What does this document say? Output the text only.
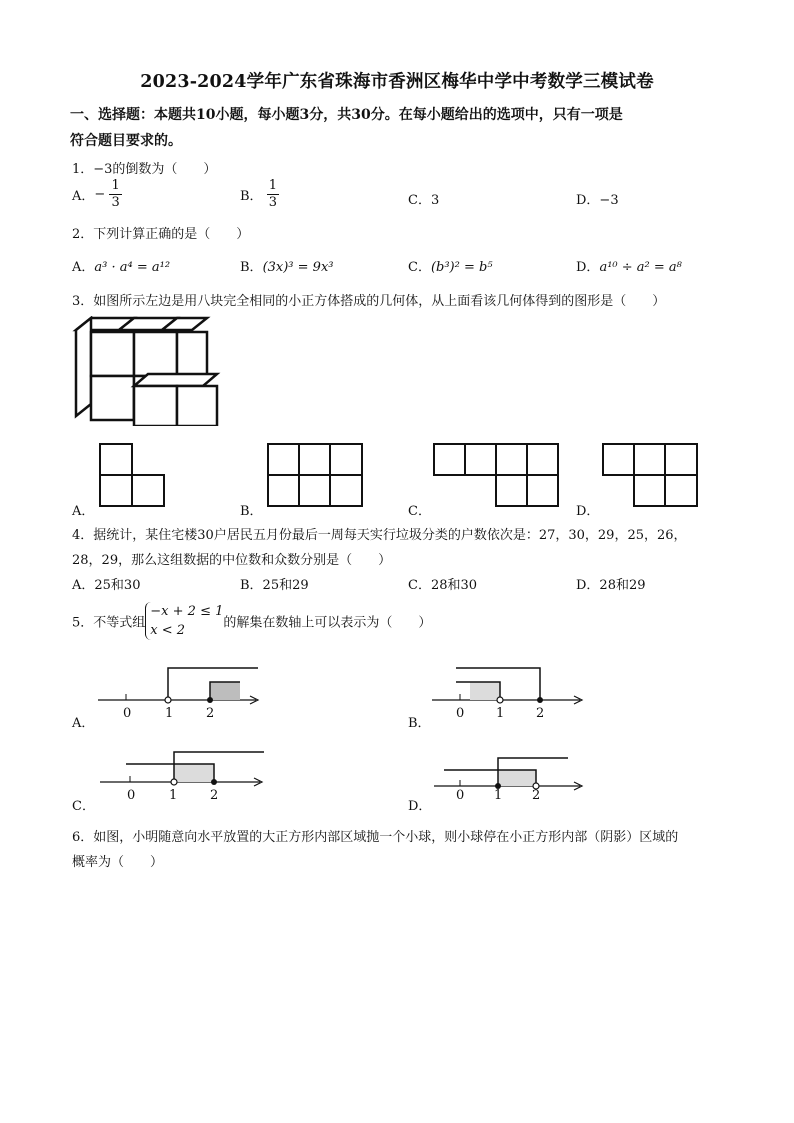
2023-2024学年广东省珠海市香洲区梅华中学中考数学三模试卷
一、选择题：本题共10小题，每小题3分，共30分。在每小题给出的选项中，只有一项是
符合题目要求的。
1．−3的倒数为（　　）
A．− $\frac{1}{3}$	B． $\frac{1}{3}$	C．3	D．−3
2．下列计算正确的是（　　）
A．a³ · a⁴ = a¹²	B．(3x)³ = 9x³	C．(b³)² = b⁵	D．a¹⁰ ÷ a² = a⁸
3．如图所示左边是用八块完全相同的小正方体搭成的几何体，从上面看该几何体得到的图形是（　　）
A．	B．	C．	D．
4．据统计，某住宅楼30户居民五月份最后一周每天实行垃圾分类的户数依次是：27，30，29，25，26，
28，29，那么这组数据的中位数和众数分别是（　　）
A．25和30	B．25和29	C．28和30	D．28和29
5．不等式组
−x + 2 ≤ 1
x < 2	的解集在数轴上可以表示为（　　）
A．
0	1	2
B．
0 1 2
C．
0	1	2
D．
0 1 2
6．如图，小明随意向水平放置的大正方形内部区域抛一个小球，则小球停在小正方形内部（阴影）区域的
概率为（　　）
